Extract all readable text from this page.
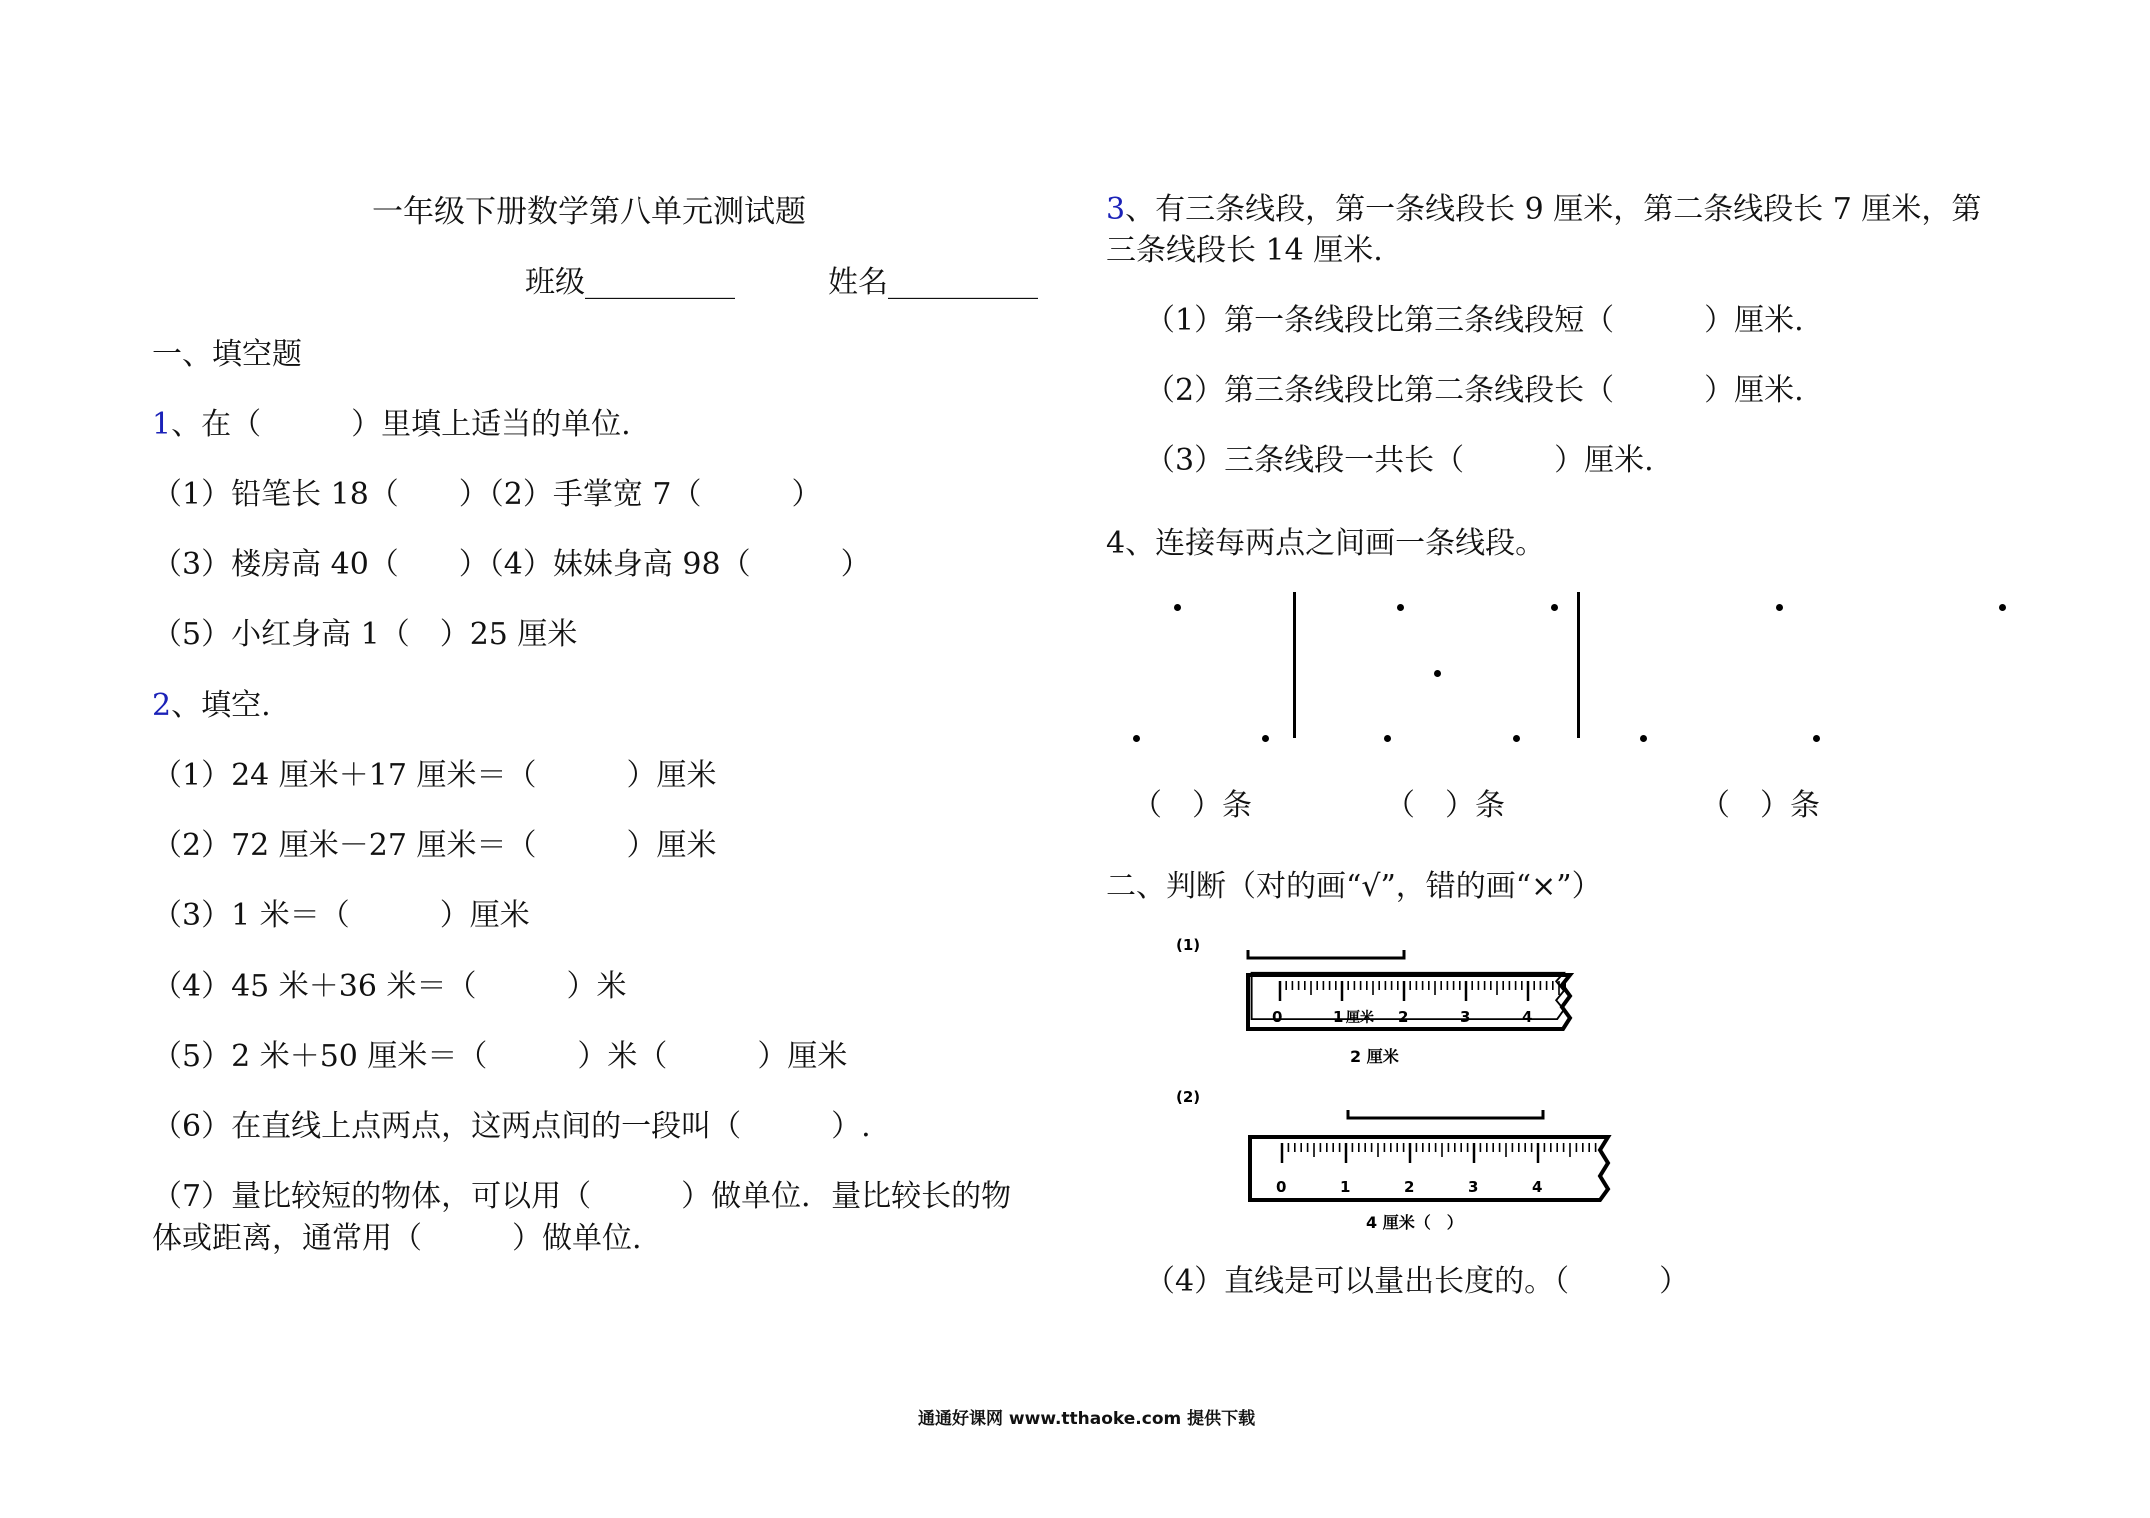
一年级下册数学第八单元测试题
班级__________	姓名__________
一、填空题
1、在（　　　）里填上适当的单位.
（1）铅笔长 18（　　）（2）手掌宽 7（　　　）
（3）楼房高 40（　　）（4）妹妹身高 98（　　　）
（5）小红身高 1（　）25 厘米
2、填空.
（1）24 厘米＋17 厘米＝（　　　）厘米
（2）72 厘米－27 厘米＝（　　　）厘米
（3）1 米＝（　　　）厘米
（4）45 米＋36 米＝（　　　）米
（5）2 米＋50 厘米＝（　　　）米（　　　）厘米
（6）在直线上点两点，这两点间的一段叫（　　　）.
（7）量比较短的物体，可以用（　　　）做单位．量比较长的物
体或距离，通常用（　　　）做单位.
3、有三条线段，第一条线段长 9 厘米，第二条线段长 7 厘米，第
三条线段长 14 厘米.
（1）第一条线段比第三条线段短（　　　）厘米.
（2）第三条线段比第二条线段长（　　　）厘米.
（3）三条线段一共长（　　　）厘米.
4、连接每两点之间画一条线段。
（　）条	（　）条	（　）条
二、判断（对的画“√”，错的画“×”）
(1)
0	1 厘米 2	3	4
2 厘米
(2)
0	1	2	3	4
4 厘米（　）
（4）直线是可以量出长度的。（　　　）
通通好课网 www.tthaoke.com 提供下载
